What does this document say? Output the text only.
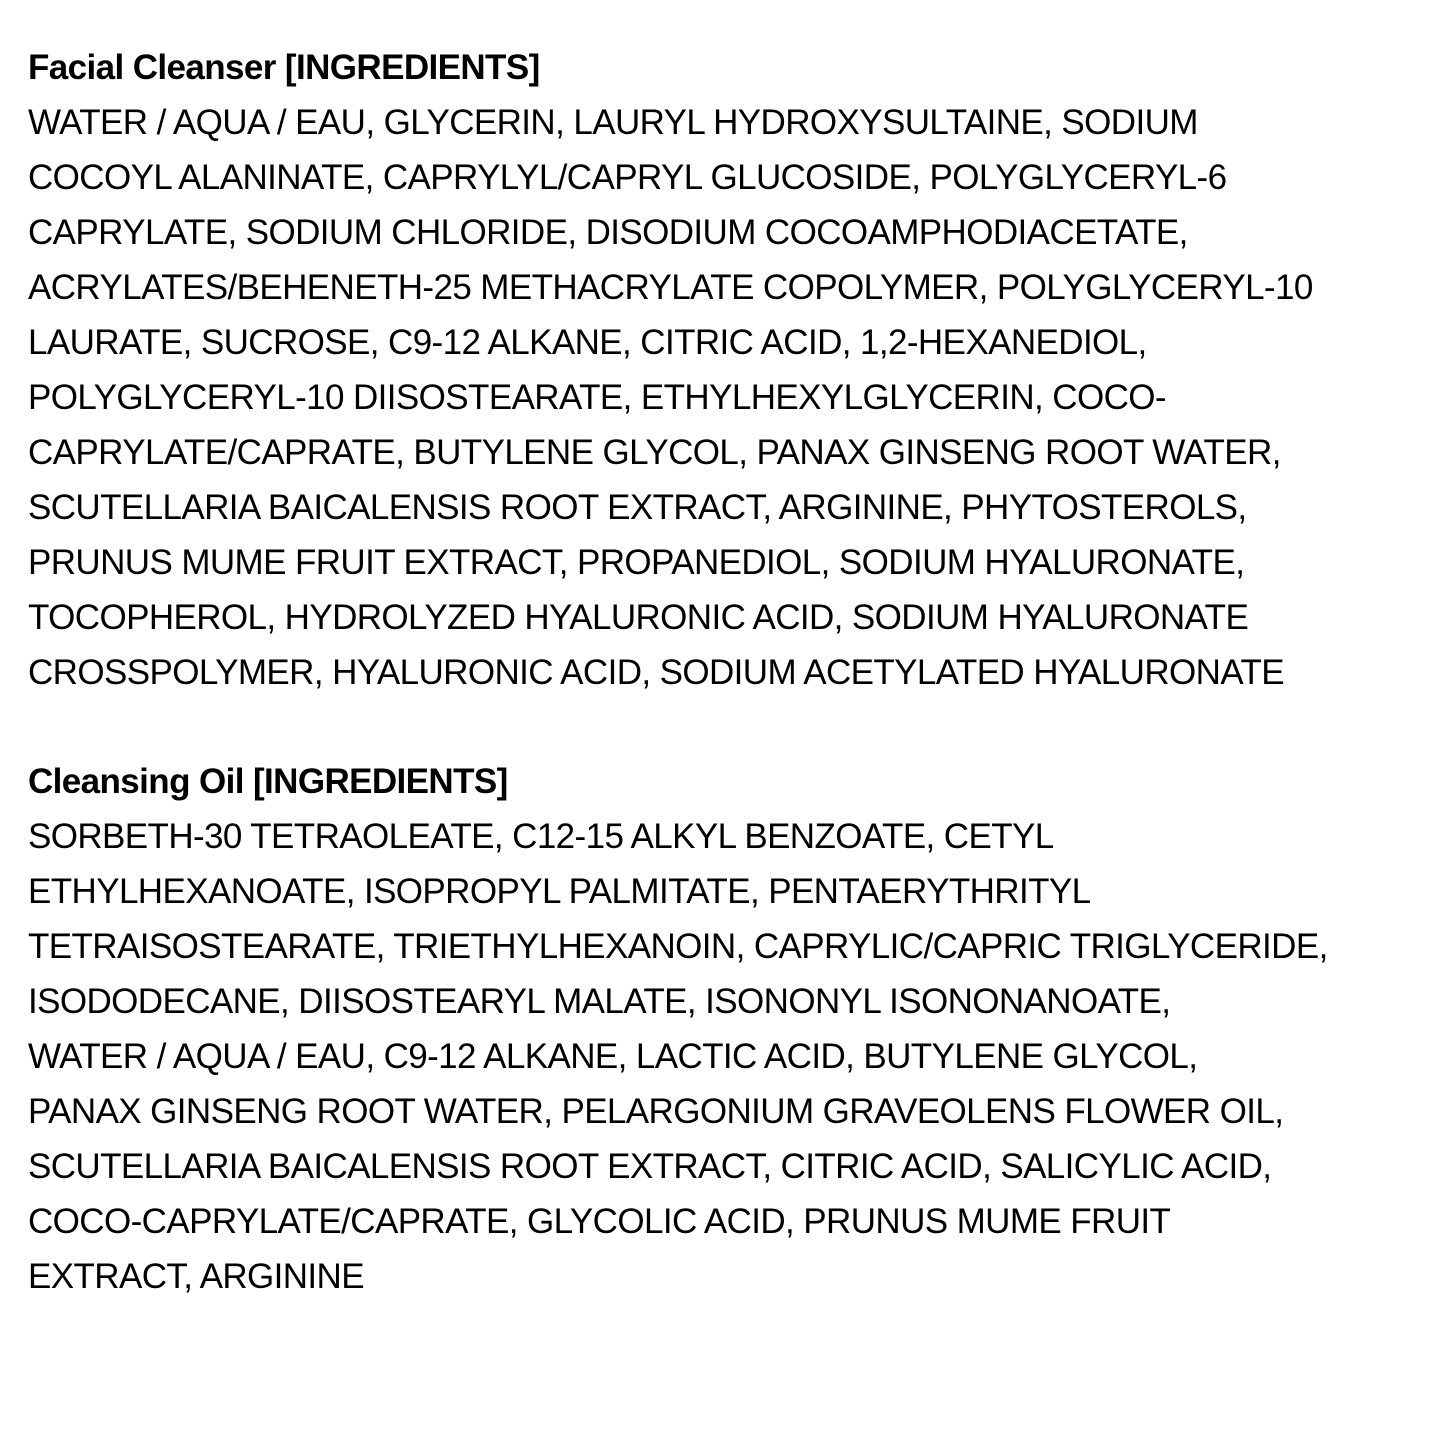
Facial Cleanser [INGREDIENTS]
WATER / AQUA / EAU, GLYCERIN, LAURYL HYDROXYSULTAINE, SODIUM
COCOYL ALANINATE, CAPRYLYL/CAPRYL GLUCOSIDE, POLYGLYCERYL-6
CAPRYLATE, SODIUM CHLORIDE, DISODIUM COCOAMPHODIACETATE,
ACRYLATES/BEHENETH-25 METHACRYLATE COPOLYMER, POLYGLYCERYL-10
LAURATE, SUCROSE, C9-12 ALKANE, CITRIC ACID, 1,2-HEXANEDIOL,
POLYGLYCERYL-10 DIISOSTEARATE, ETHYLHEXYLGLYCERIN, COCO-
CAPRYLATE/CAPRATE, BUTYLENE GLYCOL, PANAX GINSENG ROOT WATER,
SCUTELLARIA BAICALENSIS ROOT EXTRACT, ARGININE, PHYTOSTEROLS,
PRUNUS MUME FRUIT EXTRACT, PROPANEDIOL, SODIUM HYALURONATE,
TOCOPHEROL, HYDROLYZED HYALURONIC ACID, SODIUM HYALURONATE
CROSSPOLYMER, HYALURONIC ACID, SODIUM ACETYLATED HYALURONATE
Cleansing Oil [INGREDIENTS]
SORBETH-30 TETRAOLEATE, C12-15 ALKYL BENZOATE, CETYL
ETHYLHEXANOATE, ISOPROPYL PALMITATE, PENTAERYTHRITYL
TETRAISOSTEARATE, TRIETHYLHEXANOIN, CAPRYLIC/CAPRIC TRIGLYCERIDE,
ISODODECANE, DIISOSTEARYL MALATE, ISONONYL ISONONANOATE,
WATER / AQUA / EAU, C9-12 ALKANE, LACTIC ACID, BUTYLENE GLYCOL,
PANAX GINSENG ROOT WATER, PELARGONIUM GRAVEOLENS FLOWER OIL,
SCUTELLARIA BAICALENSIS ROOT EXTRACT, CITRIC ACID, SALICYLIC ACID,
COCO-CAPRYLATE/CAPRATE, GLYCOLIC ACID, PRUNUS MUME FRUIT
EXTRACT, ARGININE
